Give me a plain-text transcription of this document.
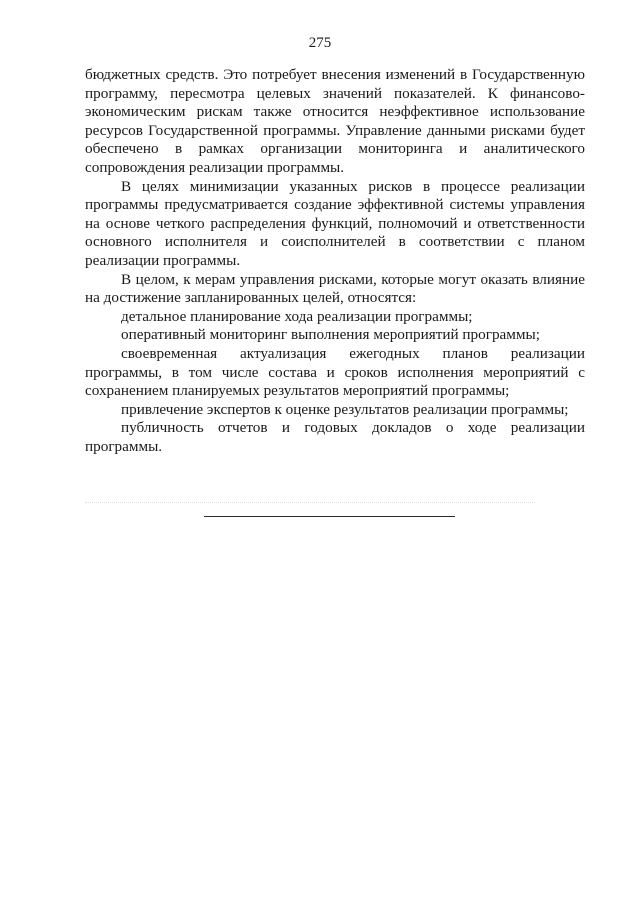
275

бюджетных средств. Это потребует внесения изменений в Государственную программу, пересмотра целевых значений показателей. К финансово-экономическим рискам также относится неэффективное использование ресурсов Государственной программы. Управление данными рисками будет обеспечено в рамках организации мониторинга и аналитического сопровождения реализации программы.

В целях минимизации указанных рисков в процессе реализации программы предусматривается создание эффективной системы управления на основе четкого распределения функций, полномочий и ответственности основного исполнителя и соисполнителей в соответствии с планом реализации программы.

В целом, к мерам управления рисками, которые могут оказать влияние на достижение запланированных целей, относятся:

детальное планирование хода реализации программы;

оперативный мониторинг выполнения мероприятий программы;

своевременная актуализация ежегодных планов реализации программы, в том числе состава и сроков исполнения мероприятий с сохранением планируемых результатов мероприятий программы;

привлечение экспертов к оценке результатов реализации программы;

публичность отчетов и годовых докладов о ходе реализации программы.
